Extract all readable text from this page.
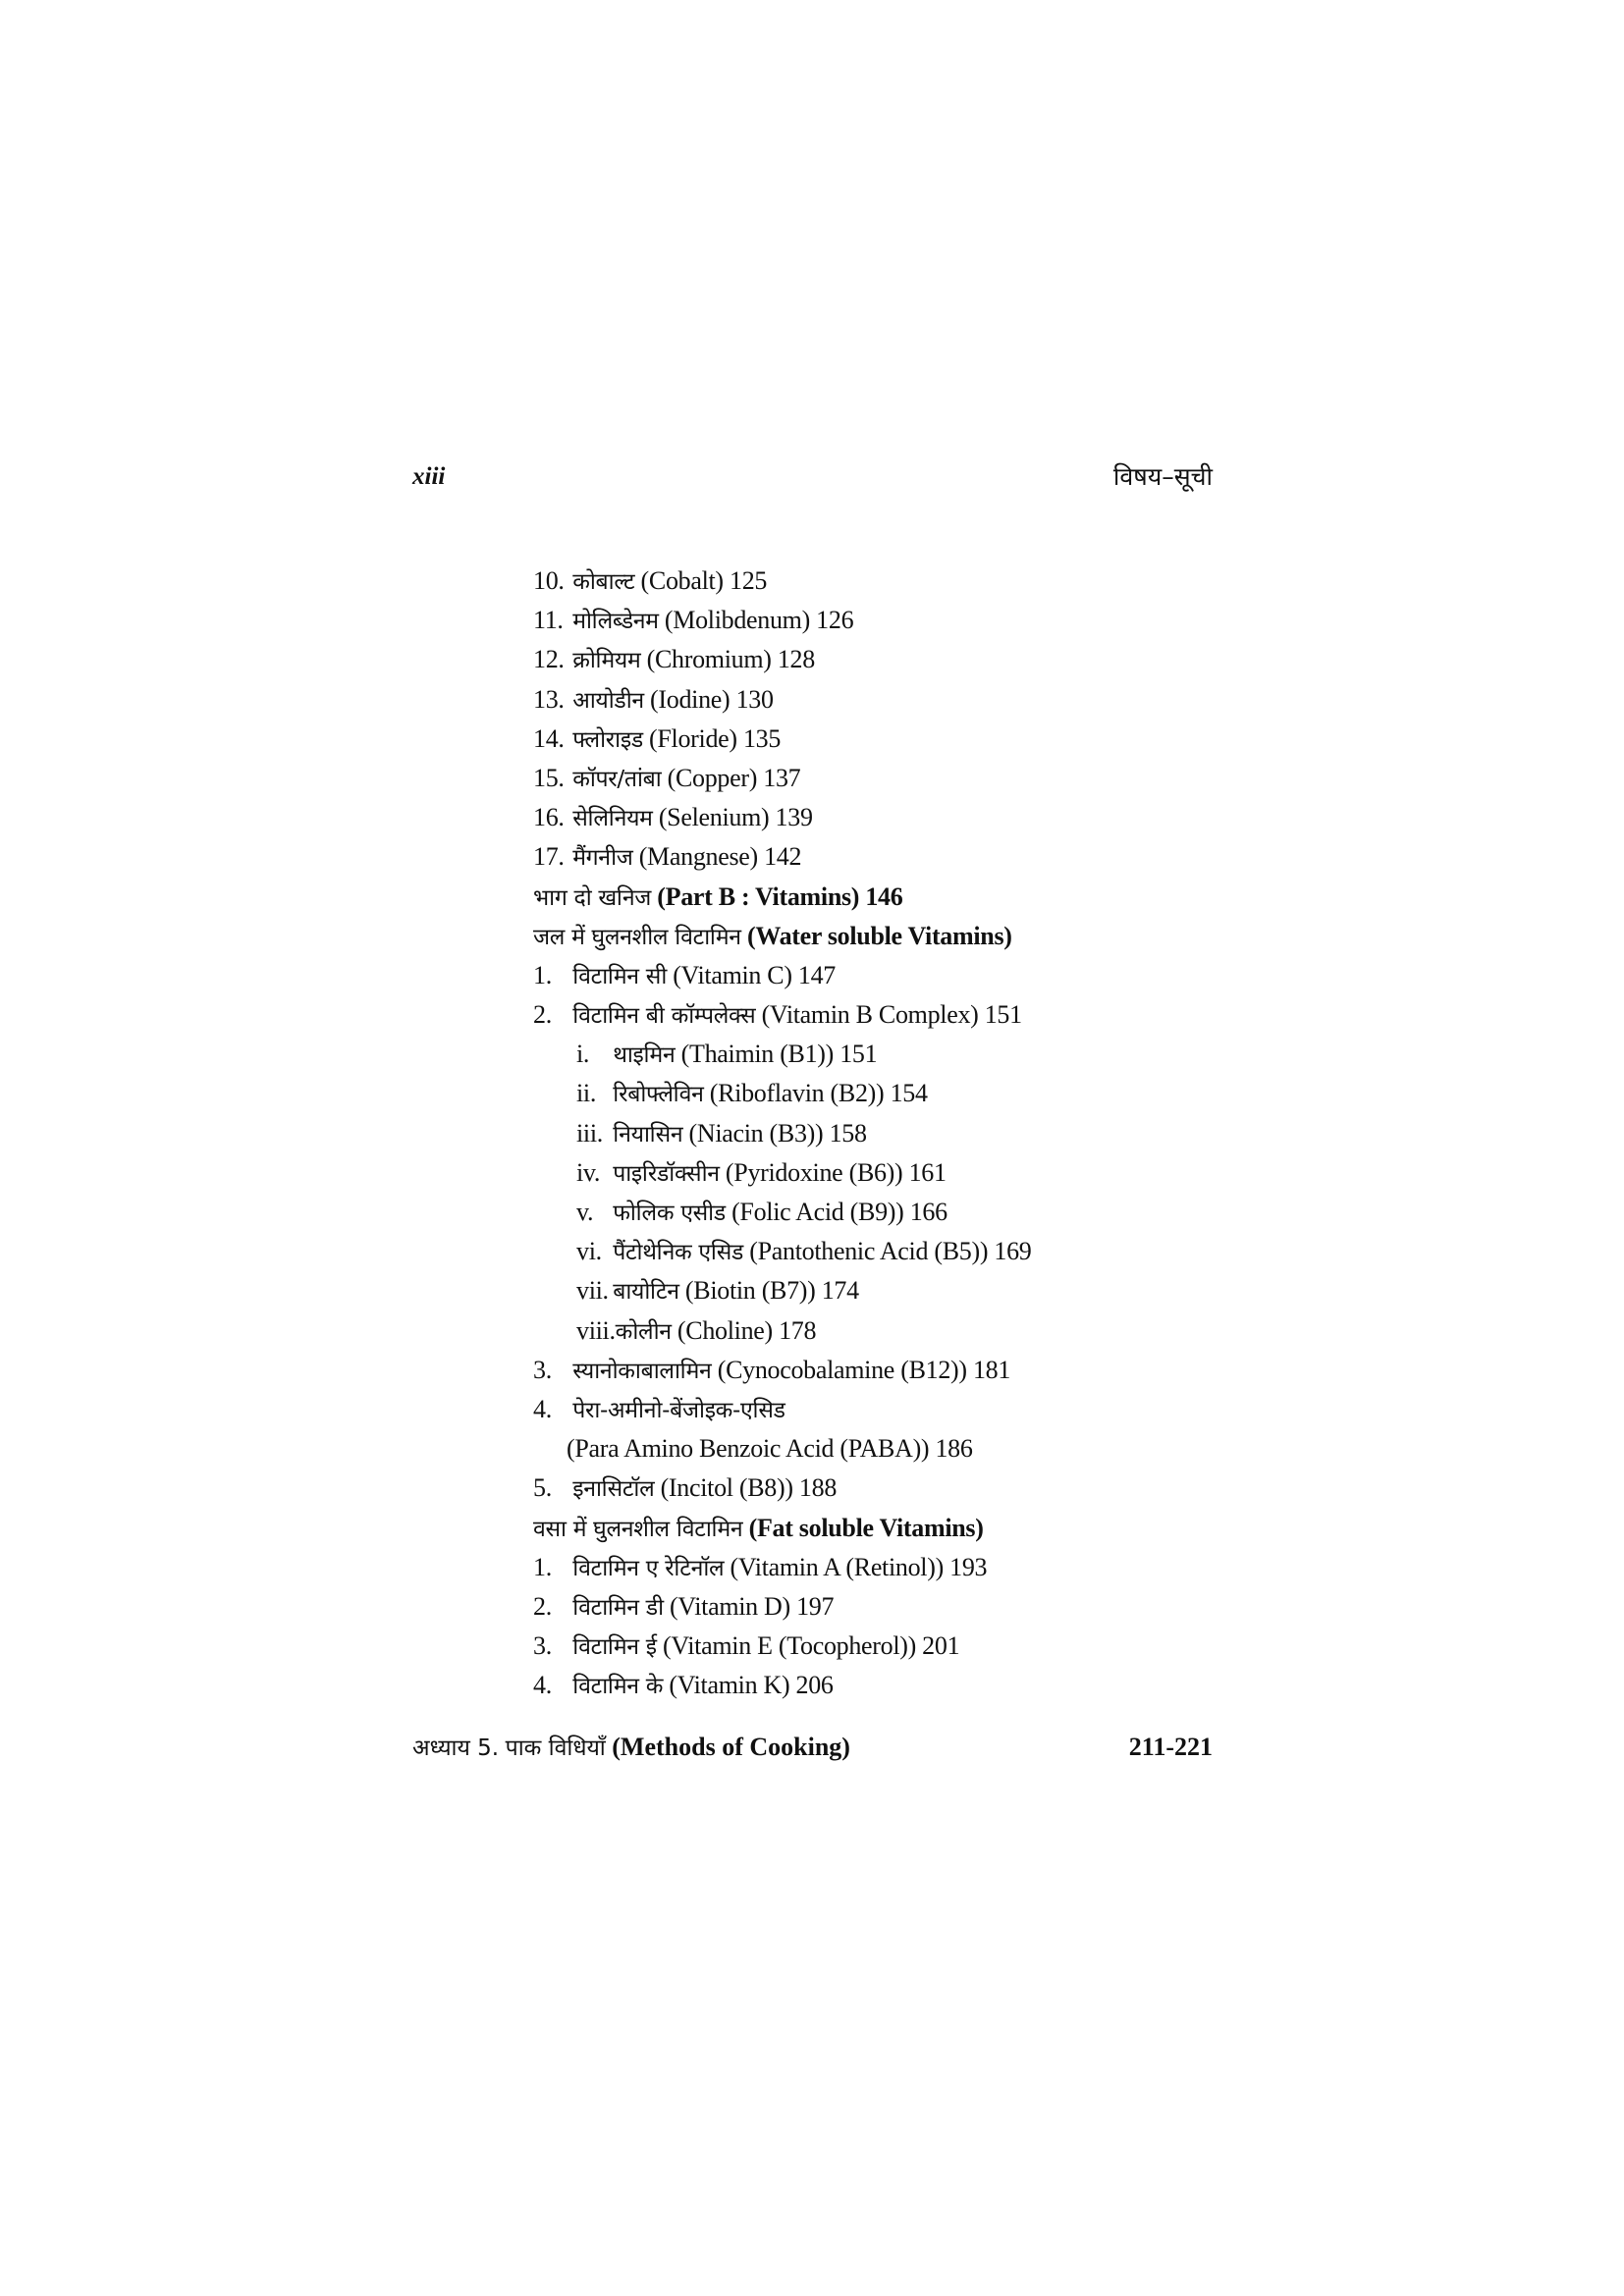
xiii	विषय–सूची
10. कोबाल्ट (Cobalt) 125
11. मोलिब्डेनम (Molibdenum) 126
12. क्रोमियम (Chromium) 128
13. आयोडीन (Iodine) 130
14. फ्लोराइड (Floride) 135
15. कॉपर/तांबा (Copper) 137
16. सेलिनियम (Selenium) 139
17. मैंगनीज (Mangnese) 142
भाग दो खनिज (Part B : Vitamins) 146
जल में घुलनशील विटामिन (Water soluble Vitamins)
1. विटामिन सी (Vitamin C) 147
2. विटामिन बी कॉम्पलेक्स (Vitamin B Complex) 151
i. थाइमिन (Thaimin (B1)) 151
ii. रिबोफ्लेविन (Riboflavin (B2)) 154
iii. नियासिन (Niacin (B3)) 158
iv. पाइरिडॉक्सीन (Pyridoxine (B6)) 161
v. फोलिक एसीड (Folic Acid (B9)) 166
vi. पैंटोथेनिक एसिड (Pantothenic Acid (B5)) 169
vii. बायोटिन (Biotin (B7)) 174
viii.कोलीन (Choline) 178
3. स्यानोकाबालामिन (Cynocobalamine (B12)) 181
4. पेरा-अमीनो-बेंजोइक-एसिड
(Para Amino Benzoic Acid (PABA)) 186
5. इनासिटॉल (Incitol (B8)) 188
वसा में घुलनशील विटामिन (Fat soluble Vitamins)
1. विटामिन ए रेटिनॉल (Vitamin A (Retinol)) 193
2. विटामिन डी (Vitamin D) 197
3. विटामिन ई (Vitamin E (Tocopherol)) 201
4. विटामिन के (Vitamin K) 206
अध्याय 5. पाक विधियाँ (Methods of Cooking)	211-221
